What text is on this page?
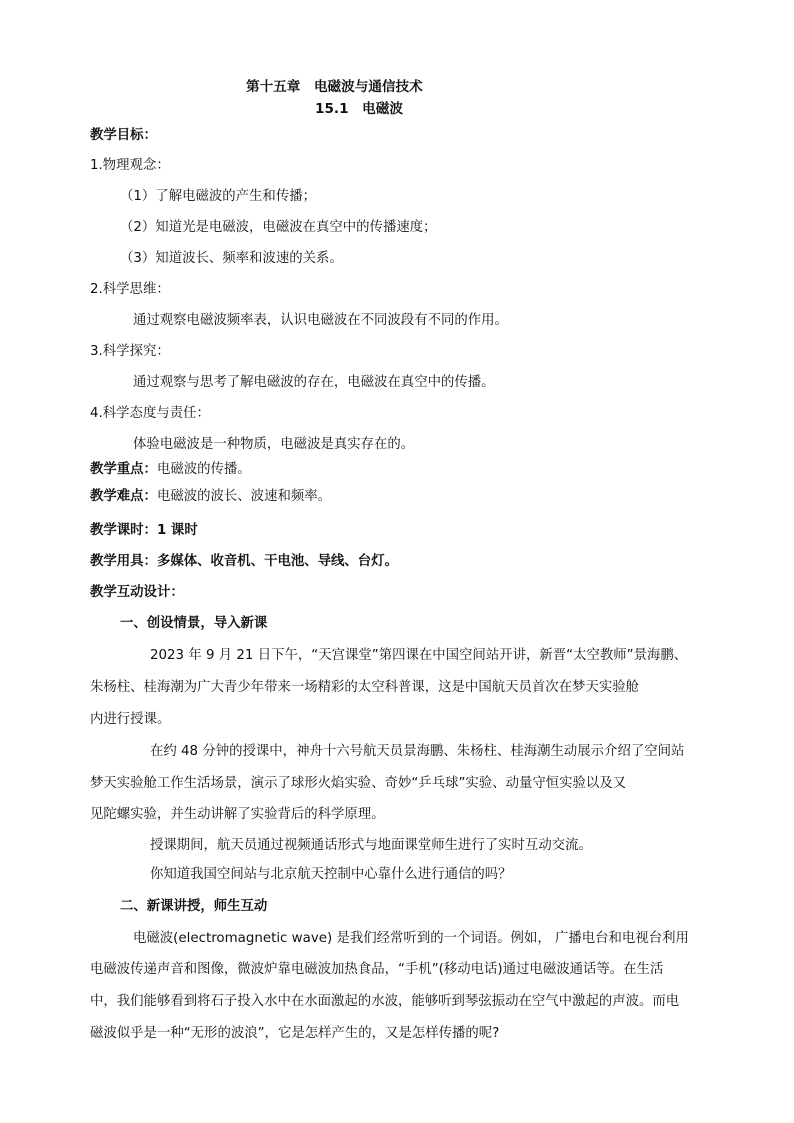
第十五章　电磁波与通信技术
15.1　电磁波
教学目标：
1.物理观念：
（1）了解电磁波的产生和传播；
（2）知道光是电磁波，电磁波在真空中的传播速度；
（3）知道波长、频率和波速的关系。
2.科学思维：
通过观察电磁波频率表，认识电磁波在不同波段有不同的作用。
3.科学探究：
通过观察与思考了解电磁波的存在，电磁波在真空中的传播。
4.科学态度与责任：
体验电磁波是一种物质，电磁波是真实存在的。
教学重点：电磁波的传播。
教学难点：电磁波的波长、波速和频率。
教学课时：1 课时
教学用具：多媒体、收音机、干电池、导线、台灯。
教学互动设计：
一、创设情景，导入新课
2023 年 9 月 21 日下午，“天宫课堂”第四课在中国空间站开讲，新晋“太空教师”景海鹏、
朱杨柱、桂海潮为广大青少年带来一场精彩的太空科普课，这是中国航天员首次在梦天实验舱
内进行授课。
在约 48 分钟的授课中，神舟十六号航天员景海鹏、朱杨柱、桂海潮生动展示介绍了空间站
梦天实验舱工作生活场景，演示了球形火焰实验、奇妙“乒乓球”实验、动量守恒实验以及又
见陀螺实验，并生动讲解了实验背后的科学原理。
授课期间，航天员通过视频通话形式与地面课堂师生进行了实时互动交流。
你知道我国空间站与北京航天控制中心靠什么进行通信的吗？
二、新课讲授，师生互动
电磁波(electromagnetic wave) 是我们经常听到的一个词语。例如， 广播电台和电视台利用
电磁波传递声音和图像，微波炉靠电磁波加热食品，“手机”(移动电话)通过电磁波通话等。在生活
中，我们能够看到将石子投入水中在水面激起的水波，能够听到琴弦振动在空气中激起的声波。而电
磁波似乎是一种“无形的波浪”，它是怎样产生的，又是怎样传播的呢?
